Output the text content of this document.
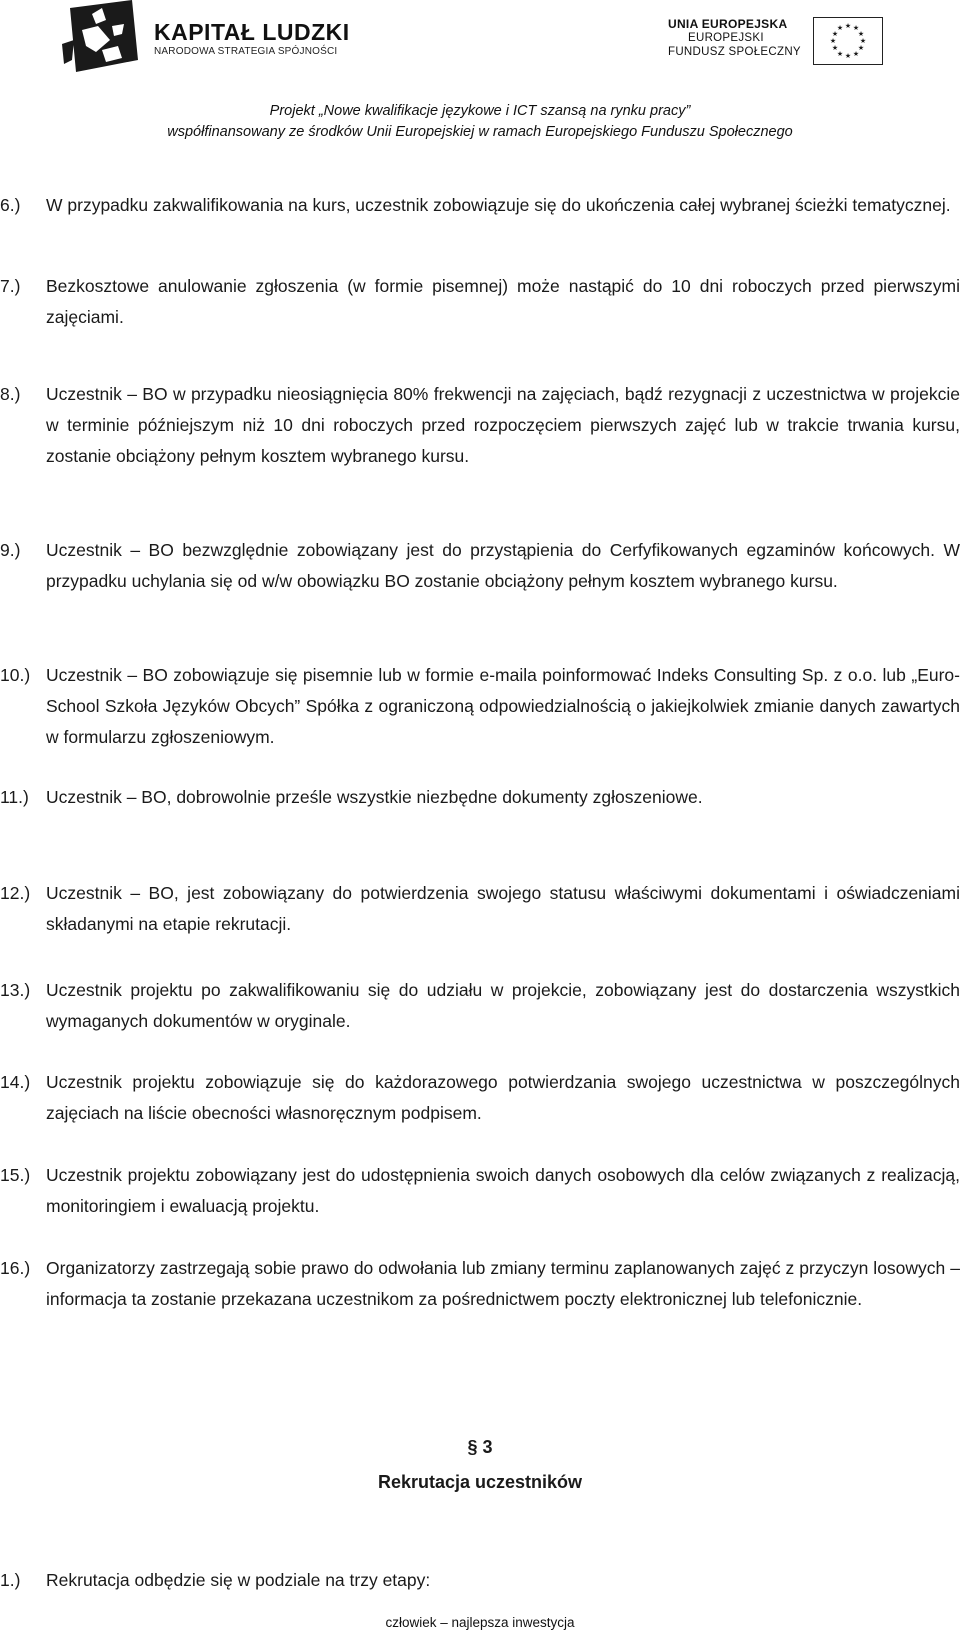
KAPITAŁ LUDZKI
NARODOWA STRATEGIA SPÓJNOŚCI
UNIA EUROPEJSKA
EUROPEJSKI
FUNDUSZ SPOŁECZNY
★ ★
★
★
★
★
★
★
★
★
★
★
Projekt „Nowe kwalifikacje językowe i ICT szansą na rynku pracy”
współfinansowany ze środków Unii Europejskiej w ramach Europejskiego Funduszu Społecznego
6.)	W przypadku zakwalifikowania na kurs, uczestnik zobowiązuje się do ukończenia całej wybranej ścieżki tematycznej.
7.)	Bezkosztowe anulowanie zgłoszenia (w formie pisemnej) może nastąpić do 10 dni roboczych przed pierwszymi zajęciami.
8.)	Uczestnik – BO w przypadku nieosiągnięcia 80% frekwencji na zajęciach, bądź rezygnacji z uczestnictwa w projekcie w terminie późniejszym niż 10 dni roboczych przed rozpoczęciem pierwszych zajęć lub w trakcie trwania kursu, zostanie obciążony pełnym kosztem wybranego kursu.
9.)	Uczestnik – BO bezwzględnie zobowiązany jest do przystąpienia do Cerfyfikowanych egzaminów końcowych. W przypadku uchylania się od w/w obowiązku BO zostanie obciążony pełnym kosztem wybranego kursu.
10.) Uczestnik – BO zobowiązuje się pisemnie lub w formie e-maila poinformować Indeks Consulting Sp. z o.o. lub „Euro-School Szkoła Języków Obcych” Spółka z ograniczoną odpowiedzialnością o jakiejkolwiek zmianie danych zawartych w formularzu zgłoszeniowym.
11.) Uczestnik – BO, dobrowolnie prześle wszystkie niezbędne dokumenty zgłoszeniowe.
12.) Uczestnik – BO, jest zobowiązany do potwierdzenia swojego statusu właściwymi dokumentami i oświadczeniami składanymi na etapie rekrutacji.
13.) Uczestnik projektu po zakwalifikowaniu się do udziału w projekcie, zobowiązany jest do dostarczenia wszystkich wymaganych dokumentów w oryginale.
14.) Uczestnik projektu zobowiązuje się do każdorazowego potwierdzania swojego uczestnictwa w poszczególnych zajęciach na liście obecności własnoręcznym podpisem.
15.) Uczestnik projektu zobowiązany jest do udostępnienia swoich danych osobowych dla celów związanych z realizacją, monitoringiem i ewaluacją projektu.
16.) Organizatorzy zastrzegają sobie prawo do odwołania lub zmiany terminu zaplanowanych zajęć z przyczyn losowych – informacja ta zostanie przekazana uczestnikom za pośrednictwem poczty elektronicznej lub telefonicznie.
§ 3
Rekrutacja uczestników
1.)	Rekrutacja odbędzie się w podziale na trzy etapy:
człowiek – najlepsza inwestycja
